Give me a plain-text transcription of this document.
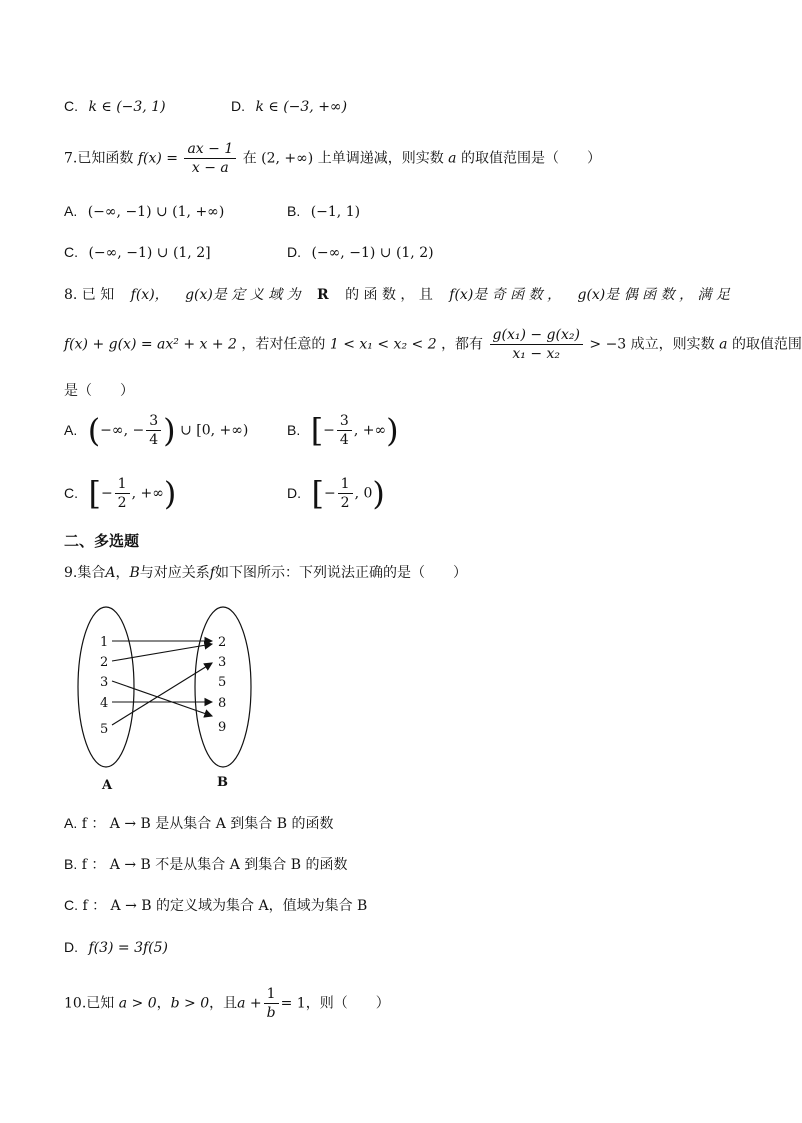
C. k ∈ (−3, 1)	D. k ∈ (−3, +∞)
7.已知函数 $f(x) = \frac{ax - 1}{x - a}$ 在 (2, +∞) 上单调递减，则实数 a 的取值范围是（　　）
A. (−∞, −1) ∪ (1, +∞)	B. (−1, 1)
C. (−∞, −1) ∪ (1, 2]	D. (−∞, −1) ∪ (1, 2)
8. 已 知 f(x)， g(x)是 定 义 域 为 R 的 函 数 ， 且 f(x)是 奇 函 数 ， g(x)是 偶 函 数 ， 满 足
f(x) + g(x) = ax² + x + 2 ，若对任意的 1 < x₁ < x₂ < 2 ，都有 $\frac{\text{g(x₁) − g(x₂)}}{\text{x₁ − x₂}} > -3$ 成立，则实数 a 的取值范围
是（　　）
A. (−∞, − $\frac{3}{4}$ ) ∪ [0, +∞)	B. [− $\frac{3}{4}$ , +∞)
C. [− $\frac{1}{2}$ , +∞)	D. [− $\frac{1}{2}$ , 0)
二、多选题
9.集合A，B与对应关系f如下图所示：下列说法正确的是（　　）
1
2
3
4
5
2
3
5
8
9
A	B
A. f ： A → B 是从集合 A 到集合 B 的函数
B. f ： A → B 不是从集合 A 到集合 B 的函数
C. f ： A → B 的定义域为集合 A，值域为集合 B
D. f(3) = 3f(5)
10.已知 a > 0，b > 0，且$a + \frac{1}{b} = 1$，则（　　）
